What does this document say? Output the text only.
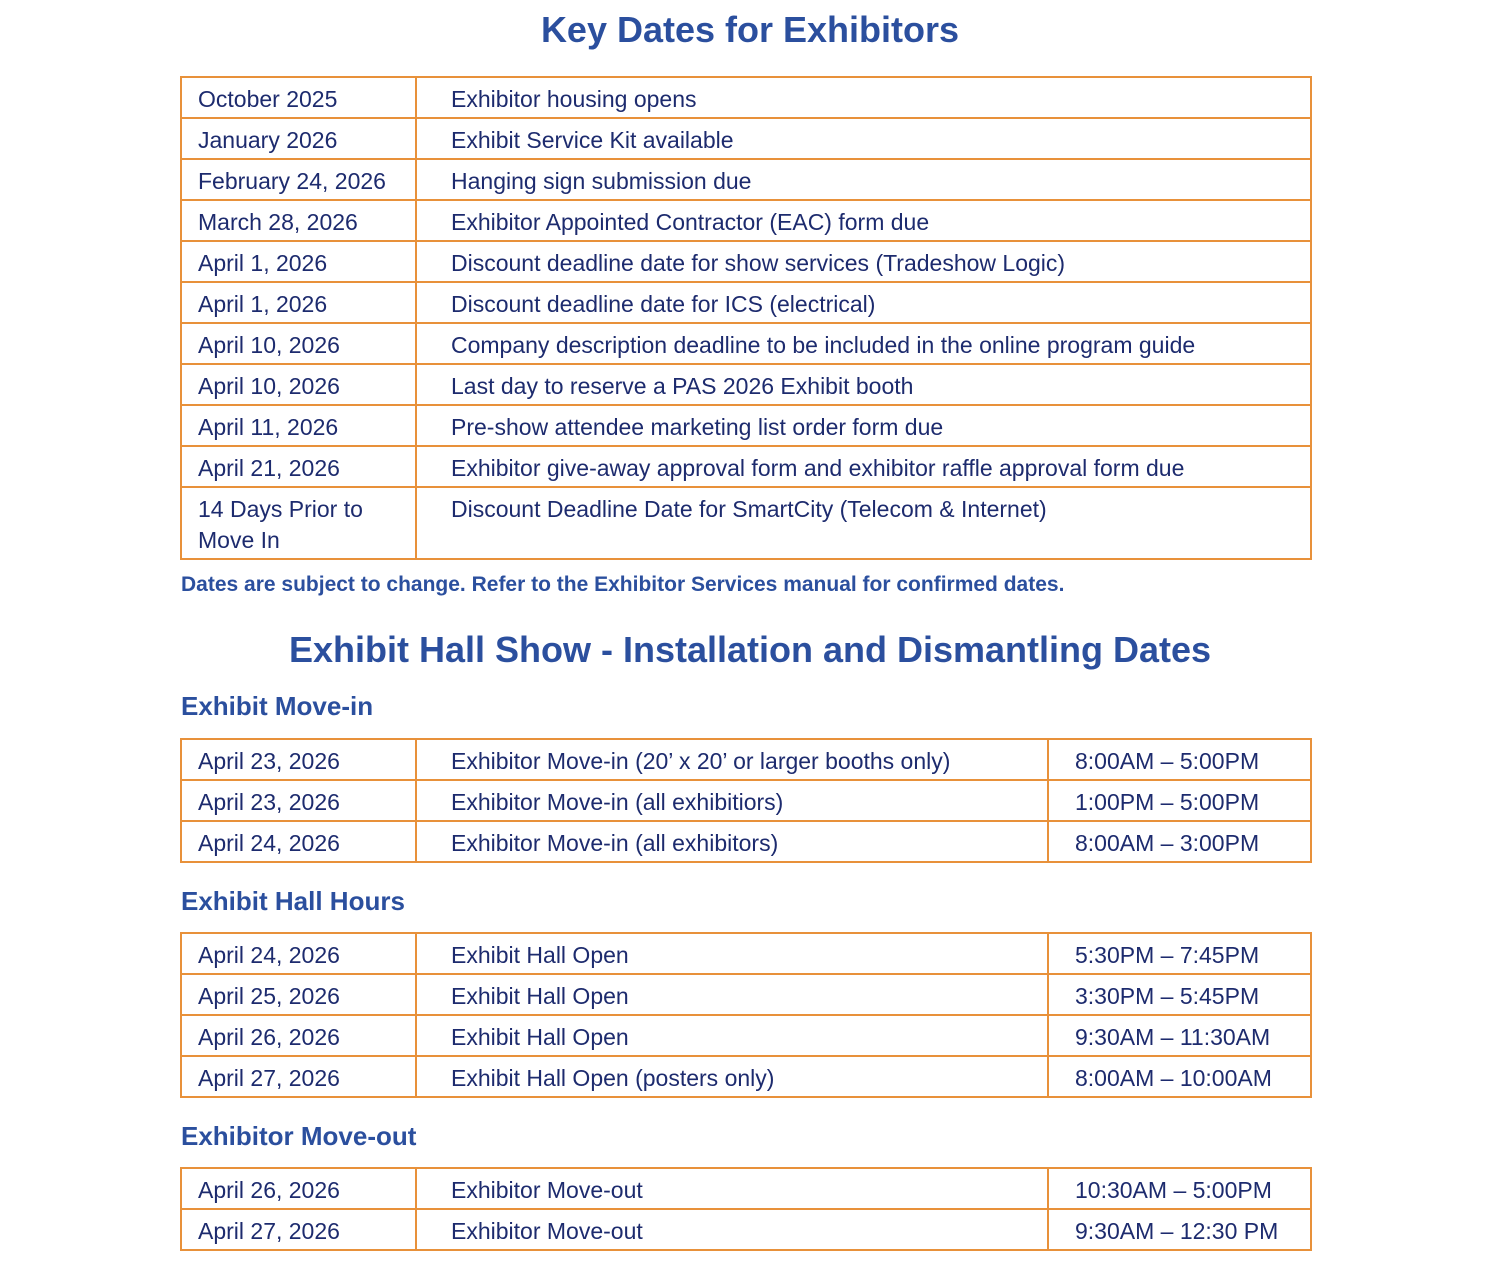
Key Dates for Exhibitors
October 2025	Exhibitor housing opens
January 2026	Exhibit Service Kit available
February 24, 2026	Hanging sign submission due
March 28, 2026	Exhibitor Appointed Contractor (EAC) form due
April 1, 2026	Discount deadline date for show services (Tradeshow Logic)
April 1, 2026	Discount deadline date for ICS (electrical)
April 10, 2026	Company description deadline to be included in the online program guide
April 10, 2026	Last day to reserve a PAS 2026 Exhibit booth
April 11, 2026	Pre-show attendee marketing list order form due
April 21, 2026	Exhibitor give-away approval form and exhibitor raffle approval form due
14 Days Prior to Move In	Discount Deadline Date for SmartCity (Telecom & Internet)

Dates are subject to change. Refer to the Exhibitor Services manual for confirmed dates.

Exhibit Hall Show - Installation and Dismantling Dates
Exhibit Move-in
April 23, 2026	Exhibitor Move-in (20’ x 20’ or larger booths only)	8:00AM – 5:00PM
April 23, 2026	Exhibitor Move-in (all exhibitiors)	1:00PM – 5:00PM
April 24, 2026	Exhibitor Move-in (all exhibitors)	8:00AM – 3:00PM
Exhibit Hall Hours
April 24, 2026	Exhibit Hall Open	5:30PM – 7:45PM
April 25, 2026	Exhibit Hall Open	3:30PM – 5:45PM
April 26, 2026	Exhibit Hall Open	9:30AM – 11:30AM
April 27, 2026	Exhibit Hall Open (posters only)	8:00AM – 10:00AM
Exhibitor Move-out
April 26, 2026	Exhibitor Move-out	10:30AM – 5:00PM
April 27, 2026	Exhibitor Move-out	9:30AM – 12:30 PM
